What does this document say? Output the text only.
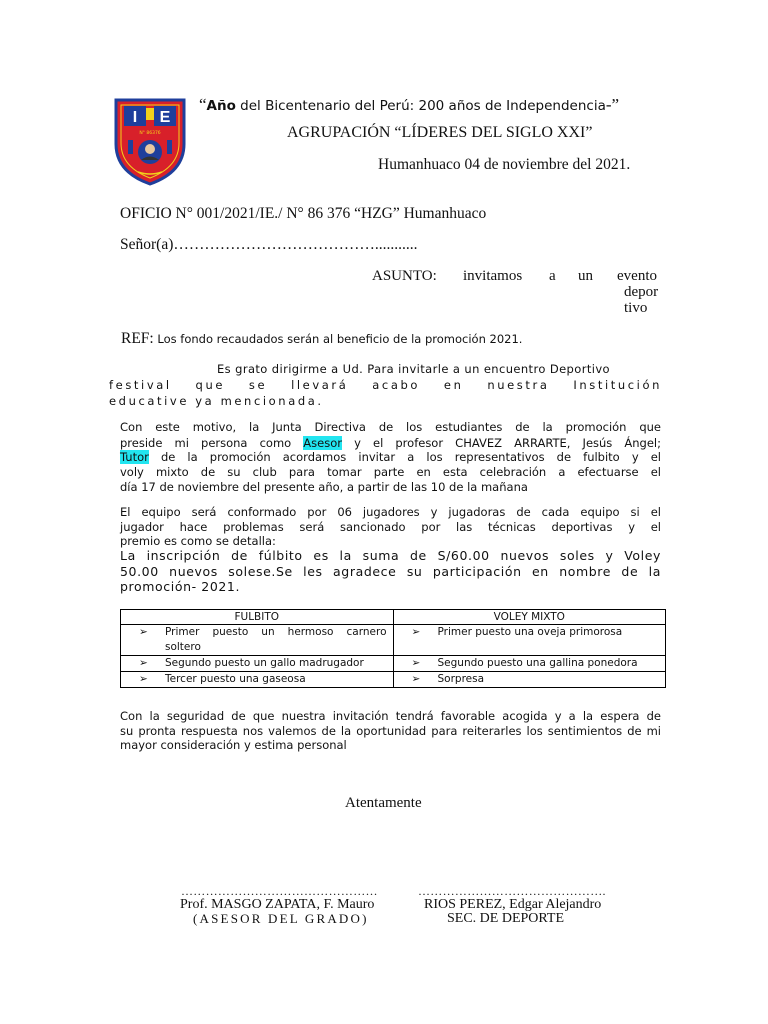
I E
N° 86376
“Año del Bicentenario del Perú: 200 años de Independencia-”
AGRUPACIÓN “LÍDERES DEL SIGLO XXI”
Humanhuaco 04 de noviembre del 2021.
OFICIO N° 001/2021/IE./ N° 86 376 “HZG” Humanhuaco
Señor(a)…………………………………...........
ASUNTO: invitamos a un evento
depor
tivo
REF: Los fondo recaudados serán al beneficio de la promoción 2021.
Es grato dirigirme a Ud. Para invitarle a un encuentro Deportivo
festival que se llevará acabo en nuestra Institución
educative ya mencionada.
Con este motivo, la Junta Directiva de los estudiantes de la promoción que
preside mi persona como Asesor y el profesor CHAVEZ ARRARTE, Jesús Ángel;
Tutor de la promoción acordamos invitar a los representativos de fulbito y el
voly mixto de su club para tomar parte en esta celebración a efectuarse el
día 17 de noviembre del presente año, a partir de las 10 de la mañana
El equipo será conformado por 06 jugadores y jugadoras de cada equipo si el
jugador hace problemas será sancionado por las técnicas deportivas y el
premio es como se detalla:
La inscripción de fúlbito es la suma de S/60.00 nuevos soles y Voley
50.00 nuevos solese.Se les agradece su participación en nombre de la
promoción- 2021.
FULBITO	VOLEY MIXTO

➢ Primer puesto un hermoso carnero soltero	➢ Primer puesto una oveja primorosa
➢ Segundo puesto un gallo madrugador	➢ Segundo puesto una gallina ponedora
➢ Tercer puesto una gaseosa	➢ Sorpresa
Con la seguridad de que nuestra invitación tendrá favorable acogida y a la espera de
su pronta respuesta nos valemos de la oportunidad para reiterarles los sentimientos de mi
mayor consideración y estima personal
Atentamente
…………………………………………
Prof. MASGO ZAPATA, F. Mauro
(ASESOR DEL GRADO)
……………………………………….
RIOS PEREZ, Edgar Alejandro
SEC. DE DEPORTE
